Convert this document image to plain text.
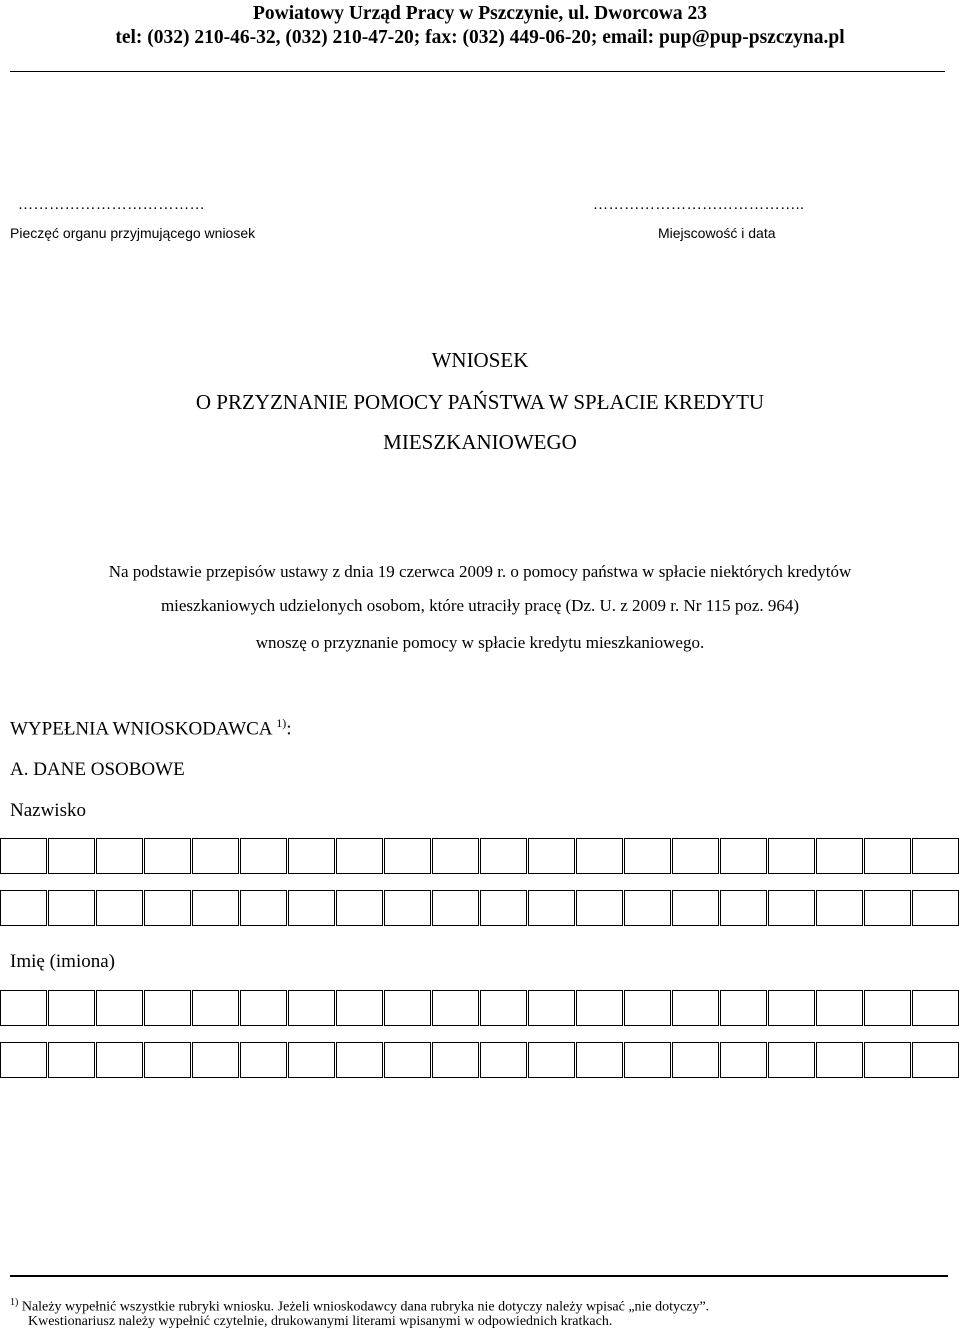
Powiatowy Urząd Pracy w Pszczynie, ul. Dworcowa 23
tel: (032) 210-46-32, (032) 210-47-20; fax: (032) 449-06-20; email: pup@pup-pszczyna.pl
………………………………
Pieczęć organu przyjmującego wniosek
…………………………………..
Miejscowość i data
WNIOSEK
O PRZYZNANIE POMOCY PAŃSTWA W SPŁACIE KREDYTU
MIESZKANIOWEGO
Na podstawie przepisów ustawy z dnia 19 czerwca 2009 r. o pomocy państwa w spłacie niektórych kredytów
mieszkaniowych udzielonych osobom, które utraciły pracę (Dz. U. z 2009 r. Nr 115 poz. 964)
wnoszę o przyznanie pomocy w spłacie kredytu mieszkaniowego.
WYPEŁNIA WNIOSKODAWCA $^{1)}$:
A. DANE OSOBOWE
Nazwisko
Imię (imiona)
$^{1)}$ Należy wypełnić wszystkie rubryki wniosku. Jeżeli wnioskodawcy dana rubryka nie dotyczy należy wpisać „nie dotyczy”.
Kwestionariusz należy wypełnić czytelnie, drukowanymi literami wpisanymi w odpowiednich kratkach.
